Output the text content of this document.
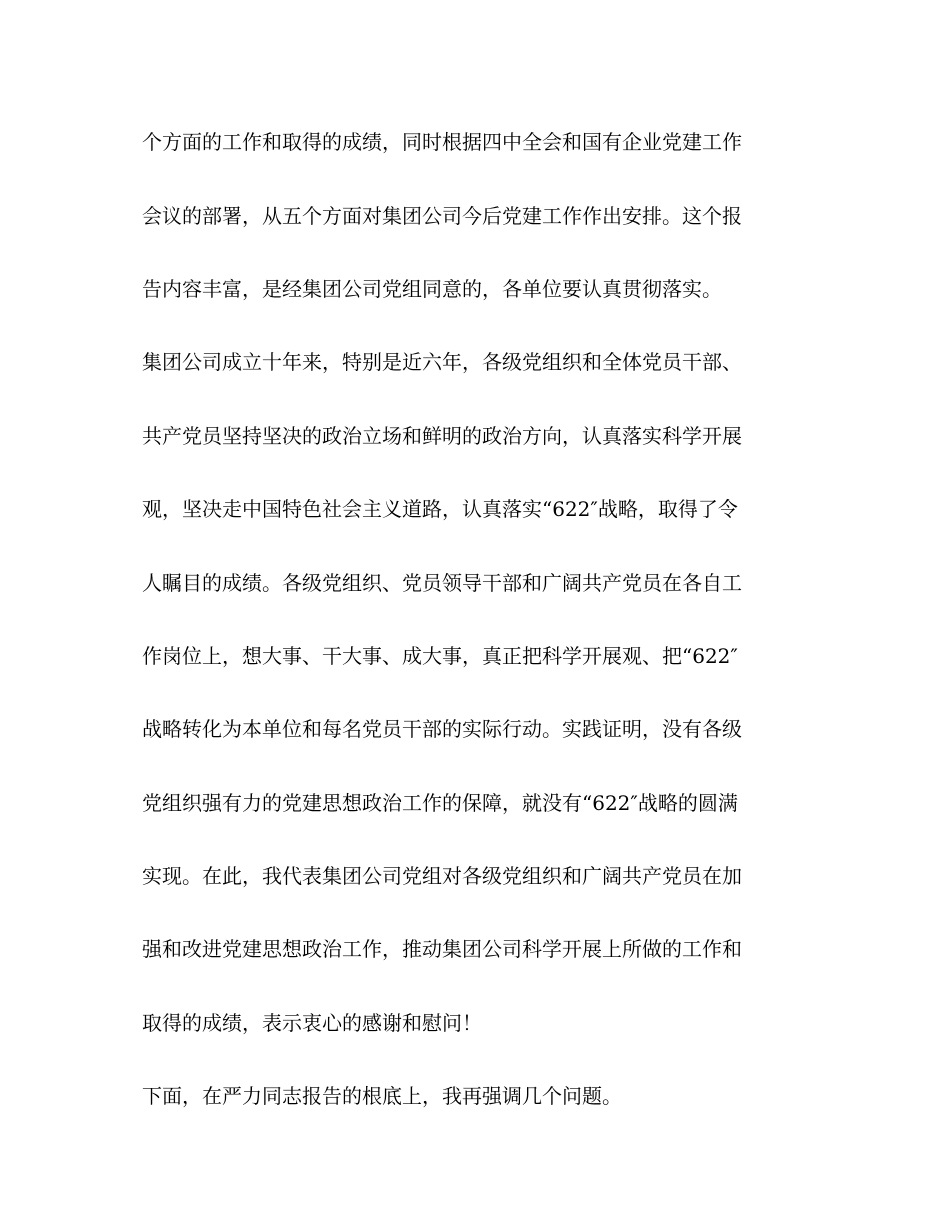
个方面的工作和取得的成绩，同时根据四中全会和国有企业党建工作
会议的部署，从五个方面对集团公司今后党建工作作出安排。这个报
告内容丰富，是经集团公司党组同意的，各单位要认真贯彻落实。
集团公司成立十年来，特别是近六年，各级党组织和全体党员干部、
共产党员坚持坚决的政治立场和鲜明的政治方向，认真落实科学开展
观，坚决走中国特色社会主义道路，认真落实“622″战略，取得了令
人瞩目的成绩。各级党组织、党员领导干部和广阔共产党员在各自工
作岗位上，想大事、干大事、成大事，真正把科学开展观、把“622″
战略转化为本单位和每名党员干部的实际行动。实践证明，没有各级
党组织强有力的党建思想政治工作的保障，就没有“622″战略的圆满
实现。在此，我代表集团公司党组对各级党组织和广阔共产党员在加
强和改进党建思想政治工作，推动集团公司科学开展上所做的工作和
取得的成绩，表示衷心的感谢和慰问！
下面，在严力同志报告的根底上，我再强调几个问题。
